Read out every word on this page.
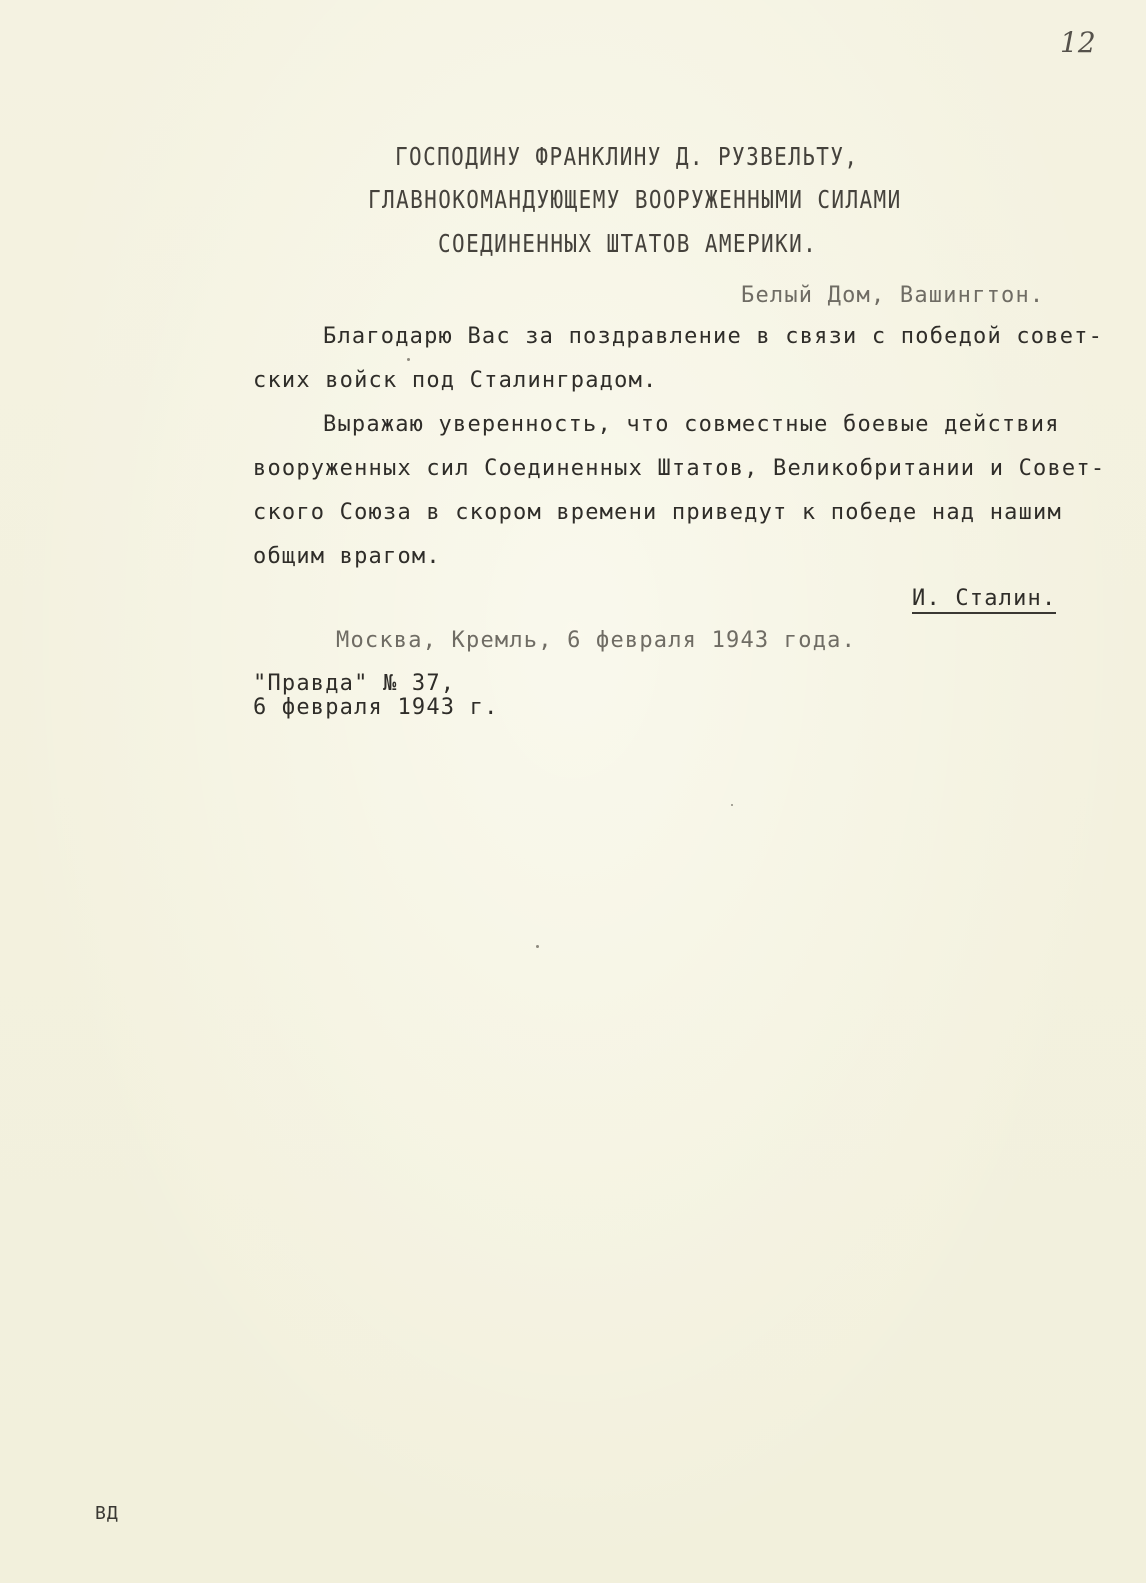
12
ГОСПОДИНУ ФРАНКЛИНУ Д. РУЗВЕЛЬТУ,
ГЛАВНОКОМАНДУЮЩЕМУ ВООРУЖЕННЫМИ СИЛАМИ
СОЕДИНЕННЫХ ШТАТОВ АМЕРИКИ.
Белый Дом, Вашингтон.
Благодарю Вас за поздравление в связи с победой совет-
ских войск под Сталинградом.
Выражаю уверенность, что совместные боевые действия
вооруженных сил Соединенных Штатов, Великобритании и Совет-
ского Союза в скором времени приведут к победе над нашим
общим врагом.
И. Сталин.
Москва, Кремль, 6 февраля 1943 года.
"Правда" № 37,
6 февраля 1943 г.
ВД
